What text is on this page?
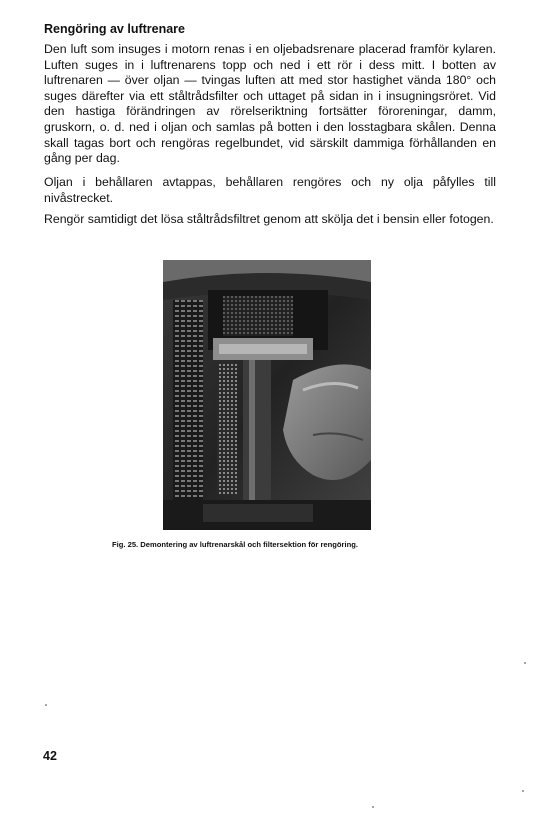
Rengöring av luftrenare
Den luft som insuges i motorn renas i en oljebadsrenare placerad framför kylaren. Luften suges in i luftrenarens topp och ned i ett rör i dess mitt. I botten av luftrenaren — över oljan — tvingas luften att med stor hastighet vända 180° och suges därefter via ett ståltrådsfilter och uttaget på sidan in i insugningsröret. Vid den hastiga förändringen av rörelseriktning fortsätter föroreningar, damm, gruskorn, o. d. ned i oljan och samlas på botten i den losstagbara skålen. Denna skall tagas bort och rengöras regelbundet, vid särskilt dammiga förhållanden en gång per dag.
Oljan i behållaren avtappas, behållaren rengöres och ny olja påfylles till nivåstrecket.
Rengör samtidigt det lösa ståltrådsfiltret genom att skölja det i bensin eller fotogen.
Fig. 25. Demontering av luftrenarskål och filtersektion för rengöring.
42
